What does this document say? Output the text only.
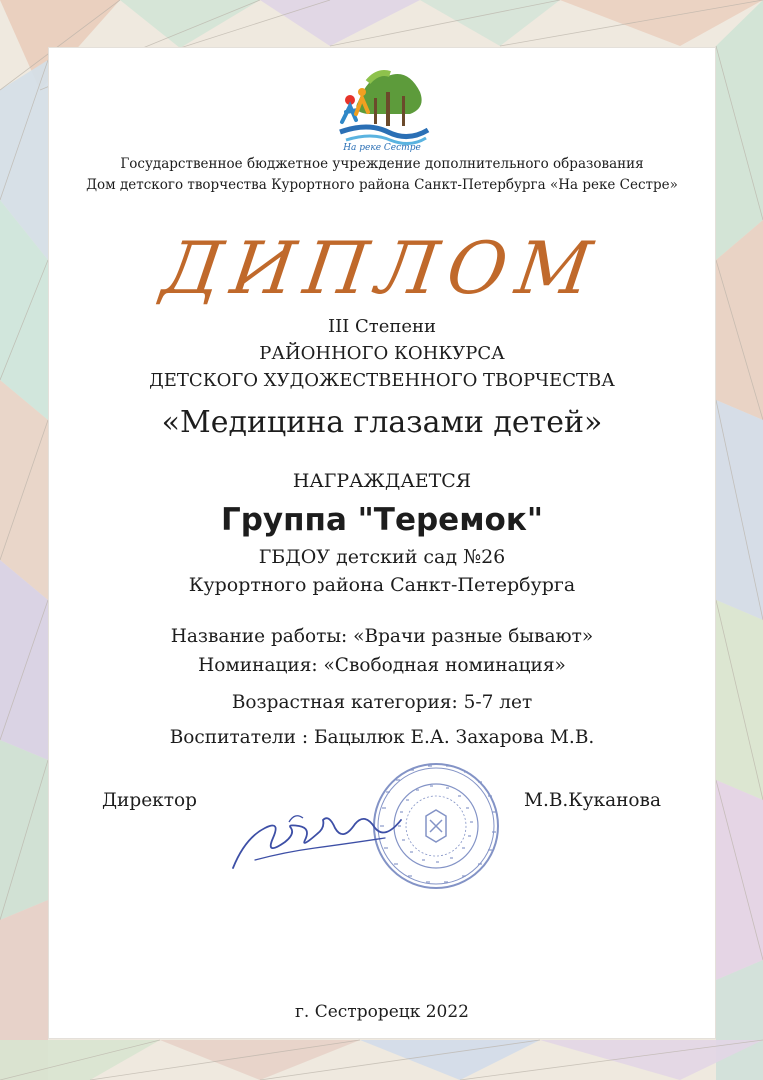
На реке Сестре
Государственное бюджетное учреждение дополнительного образования
Дом детского творчества Курортного района Санкт-Петербурга «На реке Сестре»
ДИПЛОМ
III Степени
РАЙОННОГО КОНКУРСА
ДЕТСКОГО ХУДОЖЕСТВЕННОГО ТВОРЧЕСТВА
«Медицина глазами детей»
НАГРАЖДАЕТСЯ
Группа "Теремок"
ГБДОУ детский сад №26
Курортного района Санкт-Петербурга
Название работы: «Врачи разные бывают»
Номинация: «Свободная номинация»
Возрастная категория: 5-7 лет
Воспитатели : Бацылюк Е.А. Захарова М.В.
Директор	М.В.Куканова
г. Сестрорецк 2022
